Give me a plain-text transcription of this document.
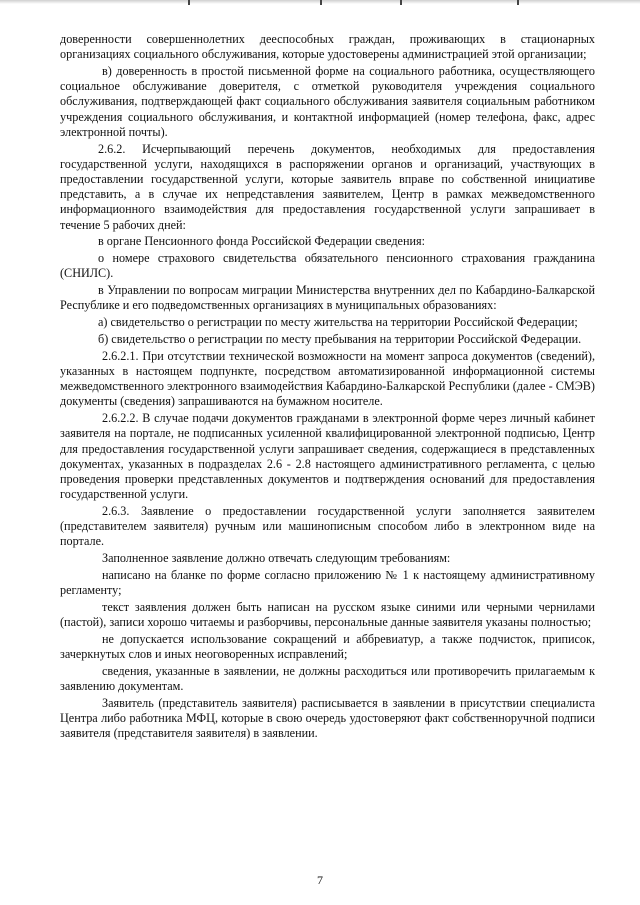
доверенности совершеннолетних дееспособных граждан, проживающих в стационарных организациях социального обслуживания, которые удостоверены администрацией этой организации;

в) доверенность в простой письменной форме на социального работника, осуществляющего социальное обслуживание доверителя, с отметкой руководителя учреждения социального обслуживания, подтверждающей факт социального обслуживания заявителя социальным работником учреждения социального обслуживания, и контактной информацией (номер телефона, факс, адрес электронной почты).

2.6.2. Исчерпывающий перечень документов, необходимых для предоставления государственной услуги, находящихся в распоряжении органов и организаций, участвующих в предоставлении государственной услуги, которые заявитель вправе по собственной инициативе представить, а в случае их непредставления заявителем, Центр в рамках межведомственного информационного взаимодействия для предоставления государственной услуги запрашивает в течение 5 рабочих дней:

в органе Пенсионного фонда Российской Федерации сведения:

о номере страхового свидетельства обязательного пенсионного страхования гражданина (СНИЛС).

в Управлении по вопросам миграции Министерства внутренних дел по Кабардино-Балкарской Республике и его подведомственных организациях в муниципальных образованиях:

а) свидетельство о регистрации по месту жительства на территории Российской Федерации;

б) свидетельство о регистрации по месту пребывания на территории Российской Федерации.

2.6.2.1. При отсутствии технической возможности на момент запроса документов (сведений), указанных в настоящем подпункте, посредством автоматизированной информационной системы межведомственного электронного взаимодействия Кабардино-Балкарской Республики (далее - СМЭВ) документы (сведения) запрашиваются на бумажном носителе.

2.6.2.2. В случае подачи документов гражданами в электронной форме через личный кабинет заявителя на портале, не подписанных усиленной квалифицированной электронной подписью, Центр для предоставления государственной услуги запрашивает сведения, содержащиеся в представленных документах, указанных в подразделах 2.6 - 2.8 настоящего административного регламента, с целью проведения проверки представленных документов и подтверждения оснований для предоставления государственной услуги.

2.6.3. Заявление о предоставлении государственной услуги заполняется заявителем (представителем заявителя) ручным или машинописным способом либо в электронном виде на портале.

Заполненное заявление должно отвечать следующим требованиям:

написано на бланке по форме согласно приложению № 1 к настоящему административному регламенту;

текст заявления должен быть написан на русском языке синими или черными чернилами (пастой), записи хорошо читаемы и разборчивы, персональные данные заявителя указаны полностью;

не допускается использование сокращений и аббревиатур, а также подчисток, приписок, зачеркнутых слов и иных неоговоренных исправлений;

сведения, указанные в заявлении, не должны расходиться или противоречить прилагаемым к заявлению документам.

Заявитель (представитель заявителя) расписывается в заявлении в присутствии специалиста Центра либо работника МФЦ, которые в свою очередь удостоверяют факт собственноручной подписи заявителя (представителя заявителя) в заявлении.

7
